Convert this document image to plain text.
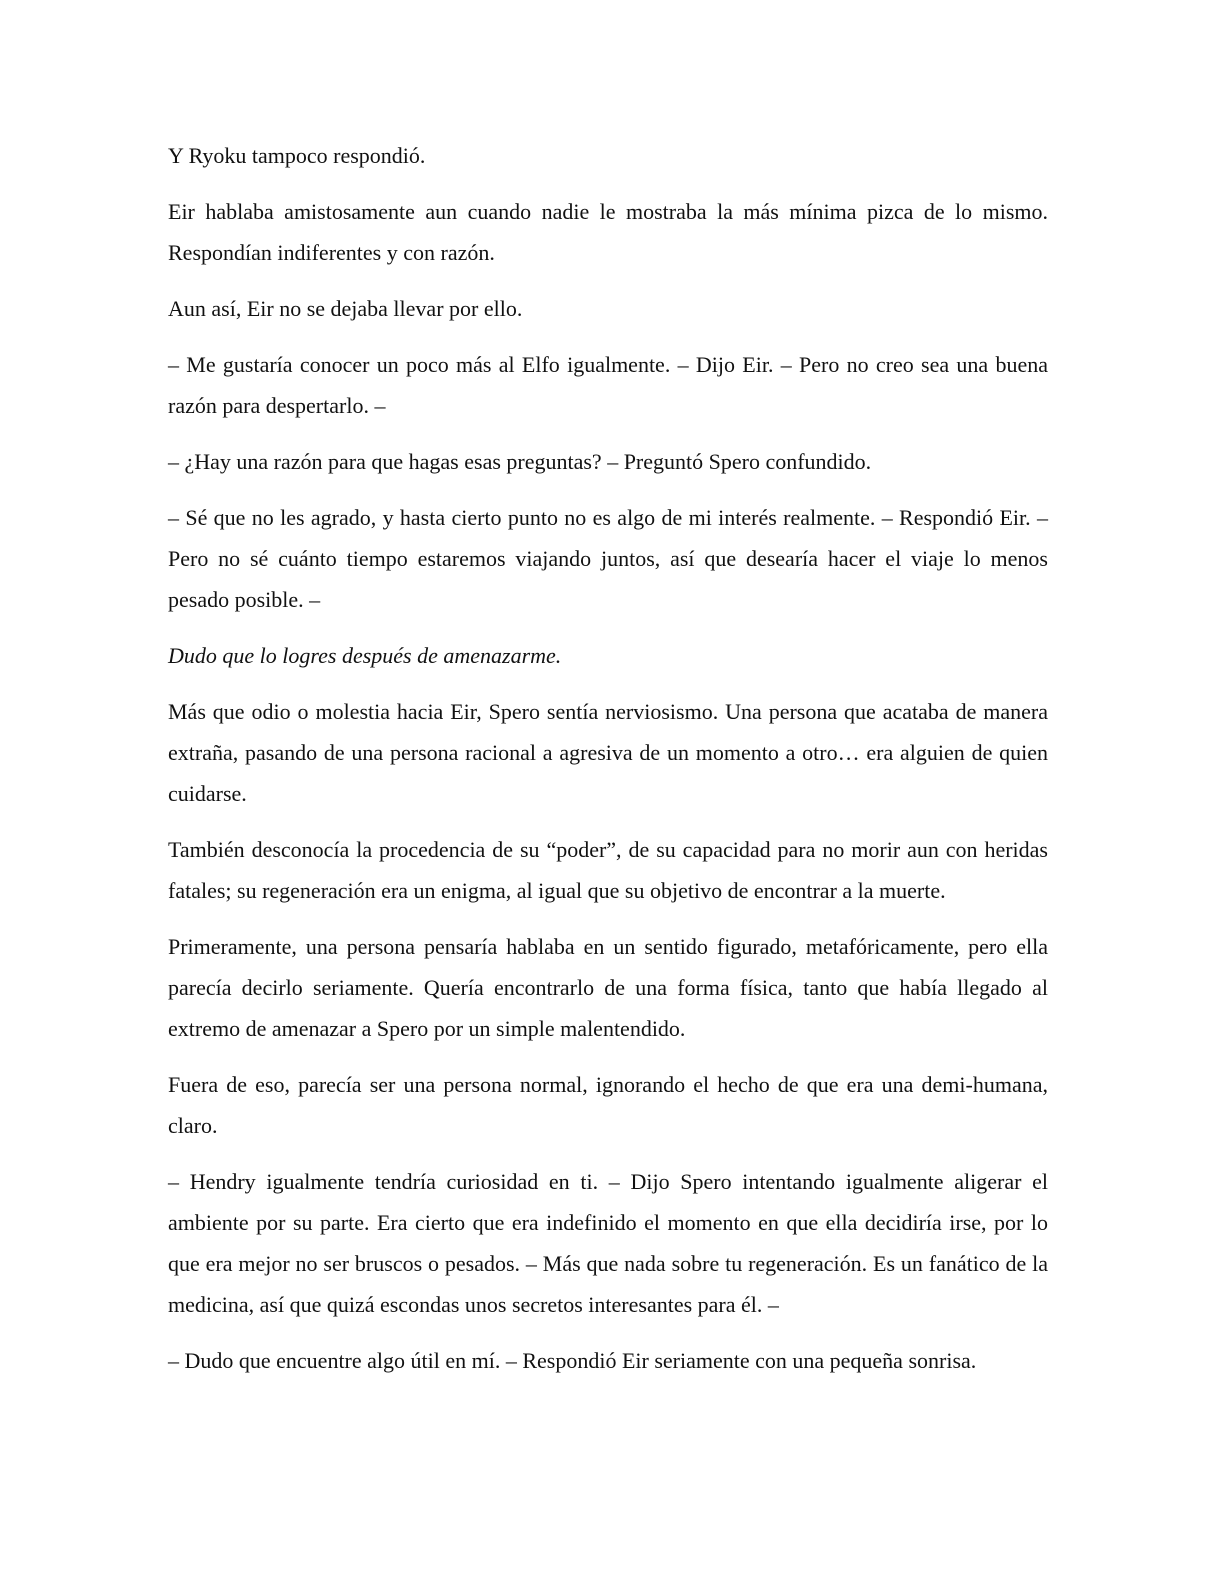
Y Ryoku tampoco respondió.

Eir hablaba amistosamente aun cuando nadie le mostraba la más mínima pizca de lo mismo. Respondían indiferentes y con razón.

Aun así, Eir no se dejaba llevar por ello.

– Me gustaría conocer un poco más al Elfo igualmente. – Dijo Eir. – Pero no creo sea una buena razón para despertarlo. –

– ¿Hay una razón para que hagas esas preguntas? – Preguntó Spero confundido.

– Sé que no les agrado, y hasta cierto punto no es algo de mi interés realmente. – Respondió Eir. – Pero no sé cuánto tiempo estaremos viajando juntos, así que desearía hacer el viaje lo menos pesado posible. –

Dudo que lo logres después de amenazarme.

Más que odio o molestia hacia Eir, Spero sentía nerviosismo. Una persona que acataba de manera extraña, pasando de una persona racional a agresiva de un momento a otro… era alguien de quien cuidarse.

También desconocía la procedencia de su “poder”, de su capacidad para no morir aun con heridas fatales; su regeneración era un enigma, al igual que su objetivo de encontrar a la muerte.

Primeramente, una persona pensaría hablaba en un sentido figurado, metafóricamente, pero ella parecía decirlo seriamente. Quería encontrarlo de una forma física, tanto que había llegado al extremo de amenazar a Spero por un simple malentendido.

Fuera de eso, parecía ser una persona normal, ignorando el hecho de que era una demi-humana, claro.

– Hendry igualmente tendría curiosidad en ti. – Dijo Spero intentando igualmente aligerar el ambiente por su parte. Era cierto que era indefinido el momento en que ella decidiría irse, por lo que era mejor no ser bruscos o pesados. – Más que nada sobre tu regeneración. Es un fanático de la medicina, así que quizá escondas unos secretos interesantes para él. –

– Dudo que encuentre algo útil en mí. – Respondió Eir seriamente con una pequeña sonrisa.
